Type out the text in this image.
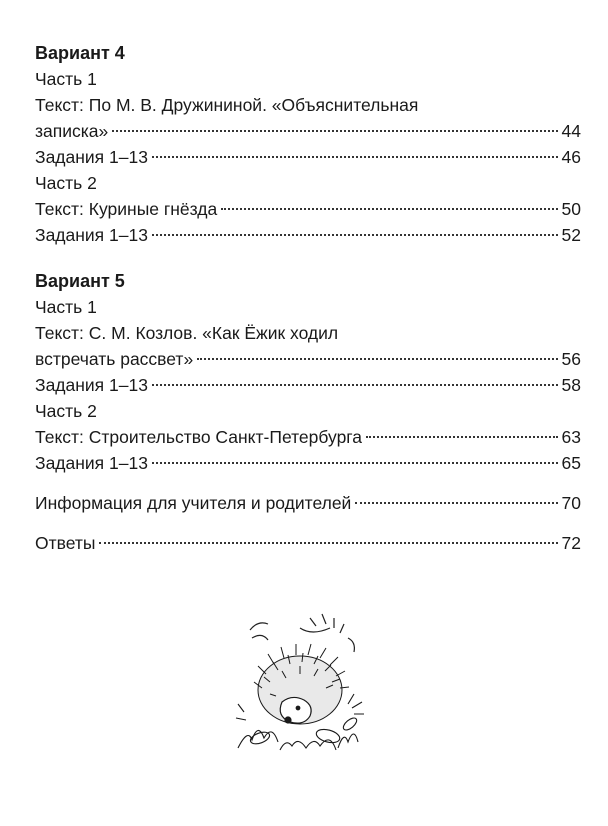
Вариант 4
Часть 1
Текст: По М. В. Дружининой. «Объяснительная
записка»	44
Задания 1–13	46
Часть 2
Текст: Куриные гнёзда	50
Задания 1–13	52
Вариант 5
Часть 1
Текст: С. М. Козлов. «Как Ёжик ходил
встречать рассвет»	56
Задания 1–13	58
Часть 2
Текст: Строительство Санкт-Петербурга	63
Задания 1–13	65
Информация для учителя и родителей	70
Ответы	72
